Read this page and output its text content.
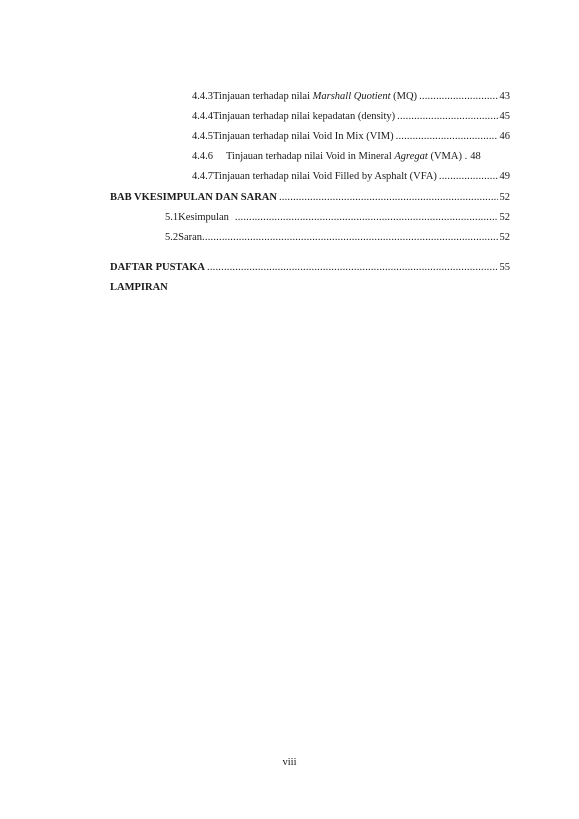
4.4.3 Tinjauan terhadap nilai Marshall Quotient (MQ) .....	43
4.4.4 Tinjauan terhadap nilai kepadatan (density) .....	45
4.4.5 Tinjauan terhadap nilai Void In Mix (VIM) .....	46
4.4.6	Tinjauan terhadap nilai Void in Mineral Agregat (VMA) . 48
4.4.7 Tinjauan terhadap nilai Void Filled by Asphalt (VFA) .....	49
BAB V KESIMPULAN DAN SARAN .....	52
5.1 Kesimpulan .....	52
5.2 Saran .....	52
DAFTAR PUSTAKA .....	55
LAMPIRAN
viii
